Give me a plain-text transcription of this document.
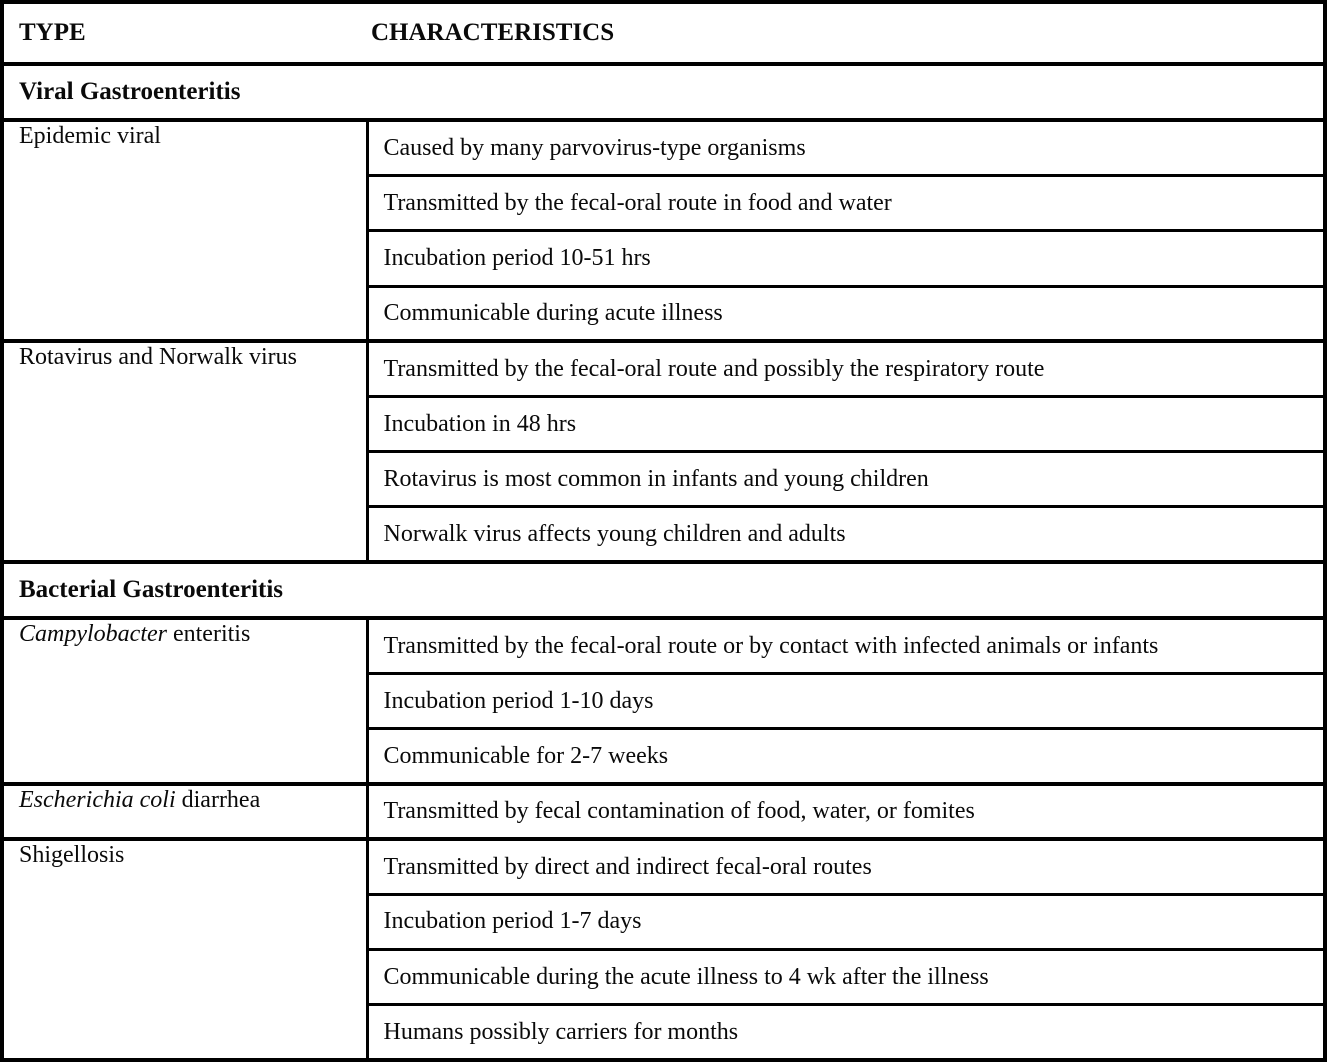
TYPE CHARACTERISTICS	

Viral Gastroenteritis	
Epidemic viral	Caused by many parvovirus-type organisms
	Transmitted by the fecal-oral route in food and water
	Incubation period 10-51 hrs
	Communicable during acute illness
Rotavirus and Norwalk virus	Transmitted by the fecal-oral route and possibly the respiratory route
	Incubation in 48 hrs
	Rotavirus is most common in infants and young children
	Norwalk virus affects young children and adults
Bacterial Gastroenteritis	
Campylobacter enteritis	Transmitted by the fecal-oral route or by contact with infected animals or infants
	Incubation period 1-10 days
	Communicable for 2-7 weeks
Escherichia coli diarrhea	Transmitted by fecal contamination of food, water, or fomites
Shigellosis	Transmitted by direct and indirect fecal-oral routes
	Incubation period 1-7 days
	Communicable during the acute illness to 4 wk after the illness
	Humans possibly carriers for months
